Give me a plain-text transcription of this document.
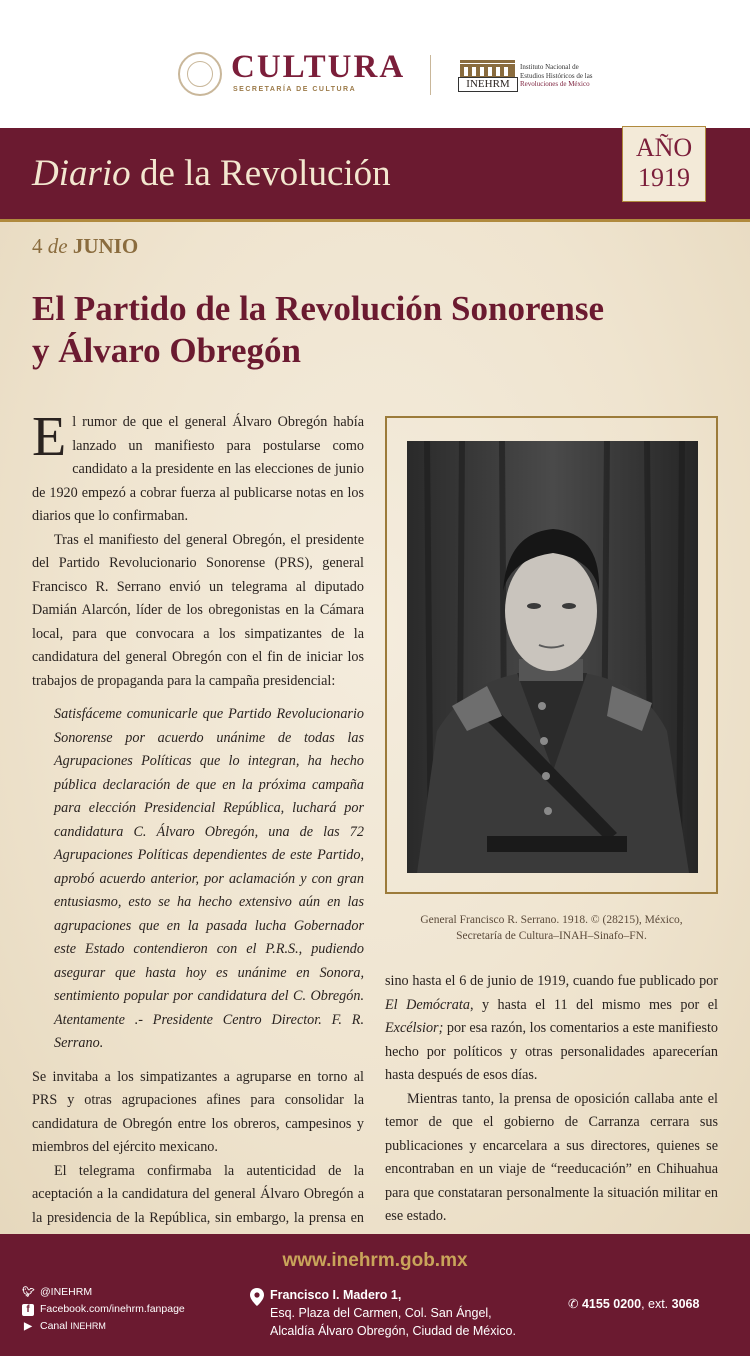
CULTURA
SECRETARÍA DE CULTURA	INEHRM
Instituto Nacional de
Estudios Históricos de las
Revoluciones de México
Diario de la Revolución
AÑO
1919
4 de JUNIO
El Partido de la Revolución Sonorense
y Álvaro Obregón

El rumor de que el general Álvaro Obregón había lanzado un manifiesto para postularse como candidato a la presidente en las elecciones de junio de 1920 empezó a cobrar fuerza al publicarse notas en los diarios que lo confirmaban.

Tras el manifiesto del general Obregón, el presidente del Partido Revolucionario Sonorense (PRS), general Francisco R. Serrano envió un telegrama al diputado Damián Alarcón, líder de los obregonistas en la Cámara local, para que convocara a los simpatizantes de la candidatura del general Obregón con el fin de iniciar los trabajos de propaganda para la campaña presidencial:

Satisfáceme comunicarle que Partido Revolucionario Sonorense por acuerdo unánime de todas las Agrupaciones Políticas que lo integran, ha hecho pública declaración de que en la próxima campaña para elección Presidencial República, luchará por candidatura C. Álvaro Obregón, una de las 72 Agrupaciones Políticas dependientes de este Partido, aprobó acuerdo anterior, por aclamación y con gran entusiasmo, esto se ha hecho extensivo aún en las agrupaciones que en la pasada lucha Gobernador este Estado contendieron con el P.R.S., pudiendo asegurar que hasta hoy es unánime en Sonora, sentimiento popular por candidatura del C. Obregón. Atentamente .- Presidente Centro Director. F. R. Serrano.

Se invitaba a los simpatizantes a agruparse en torno al PRS y otras agrupaciones afines para consolidar la candidatura de Obregón entre los obreros, campesinos y miembros del ejército mexicano.

El telegrama confirmaba la autenticidad de la aceptación a la candidatura del general Álvaro Obregón a la presidencia de la República, sin embargo, la prensa en

General Francisco R. Serrano. 1918. © (28215), México,
Secretaría de Cultura–INAH–Sinafo–FN.

sino hasta el 6 de junio de 1919, cuando fue publicado por El Demócrata, y hasta el 11 del mismo mes por el Excélsior; por esa razón, los comentarios a este manifiesto hecho por políticos y otras personalidades aparecerían hasta después de esos días.

Mientras tanto, la prensa de oposición callaba ante el temor de que el gobierno de Carranza cerrara sus publicaciones y encarcelara a sus directores, quienes se encontraban en un viaje de “reeducación” en Chihuahua para que constataran personalmente la situación militar en ese estado.

www.inehrm.gob.mx
🐦︎ @INEHRM
f Facebook.com/inehrm.fanpage
▶ Canal INEHRM
Francisco I. Madero 1,
Esq. Plaza del Carmen, Col. San Ángel,
Alcaldía Álvaro Obregón, Ciudad de México.
✆ 4155 0200, ext. 3068
